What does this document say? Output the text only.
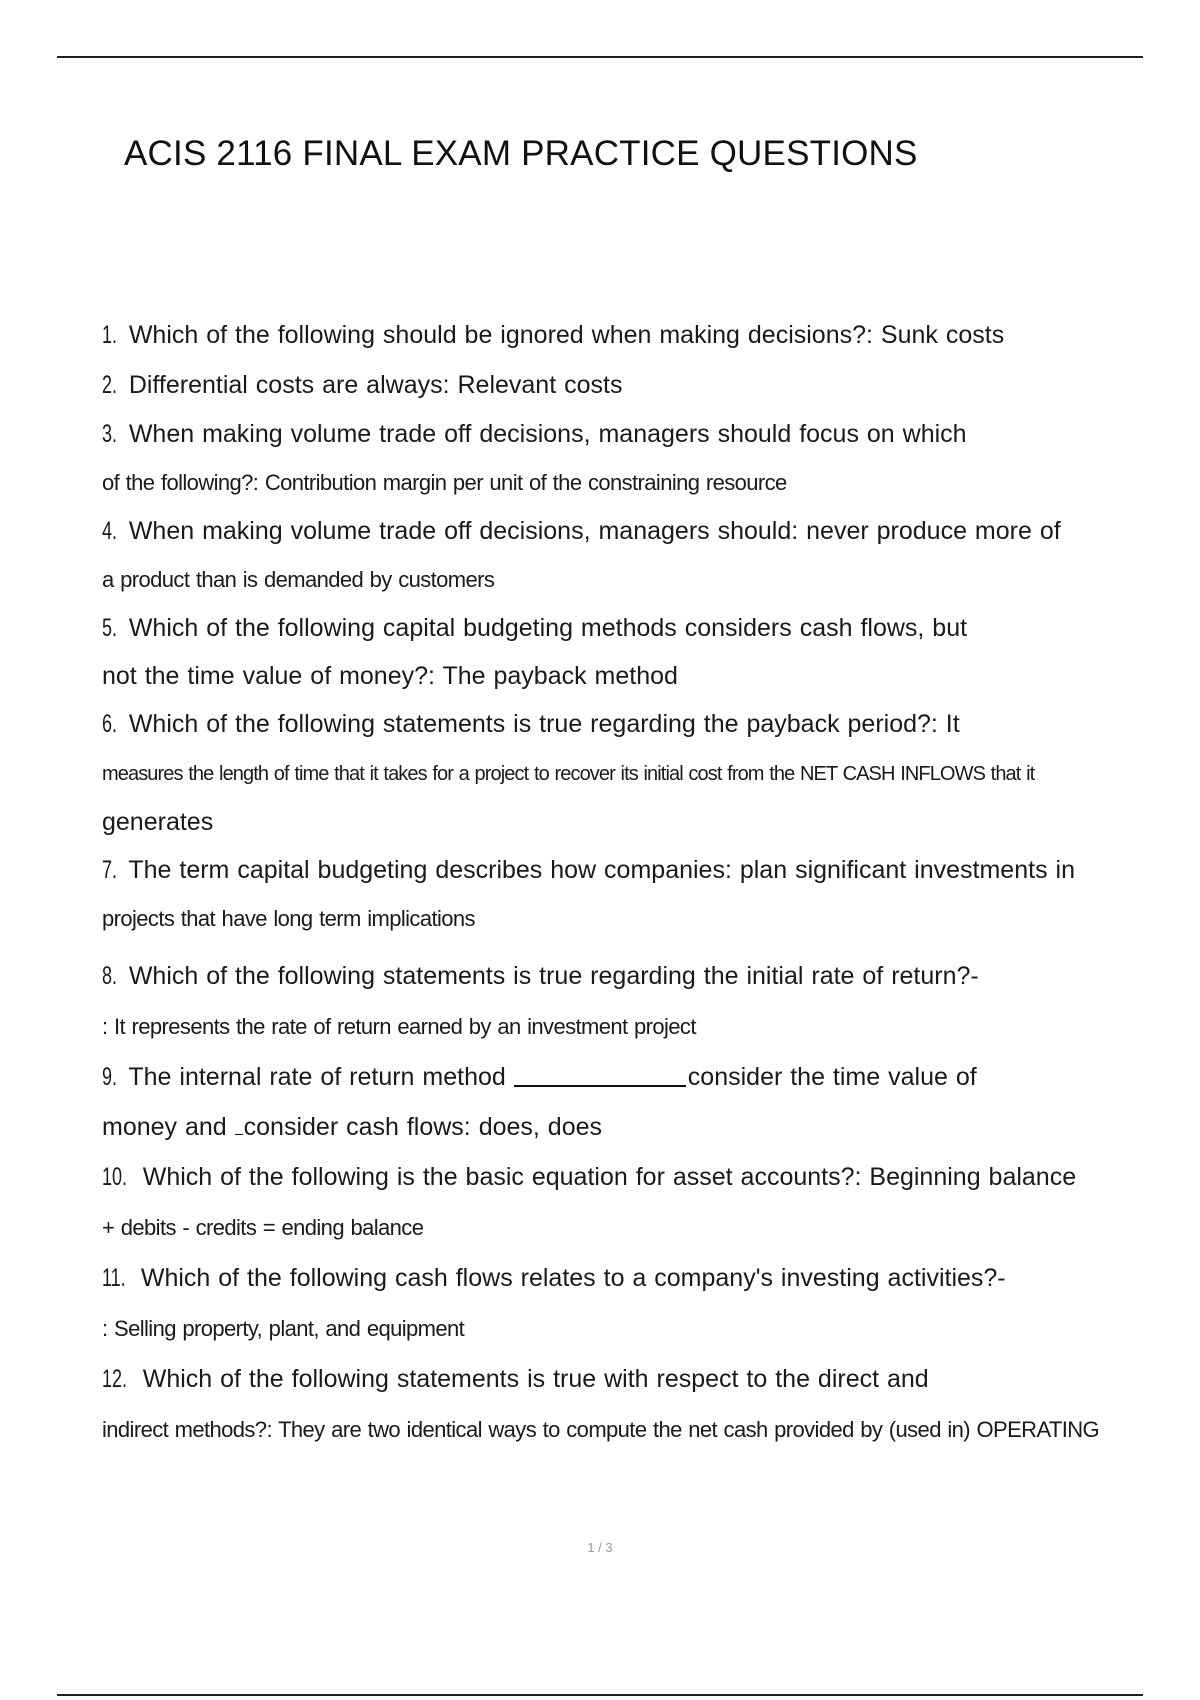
ACIS 2116 FINAL EXAM PRACTICE QUESTIONS
1. Which of the following should be ignored when making decisions?: Sunk costs
2. Differential costs are always: Relevant costs
3. When making volume trade off decisions, managers should focus on which
of the following?: Contribution margin per unit of the constraining resource
4. When making volume trade off decisions, managers should: never produce more of
a product than is demanded by customers
5. Which of the following capital budgeting methods considers cash flows, but
not the time value of money?: The payback method
6. Which of the following statements is true regarding the payback period?: It
measures the length of time that it takes for a project to recover its initial cost from the NET CASH INFLOWS that it
generates
7. The term capital budgeting describes how companies: plan significant investments in
projects that have long term implications
8. Which of the following statements is true regarding the initial rate of return?-
: It represents the rate of return earned by an investment project
9. The internal rate of return method	consider the time value of
money and consider cash flows: does, does
10. Which of the following is the basic equation for asset accounts?: Beginning balance
+ debits - credits = ending balance
11. Which of the following cash flows relates to a company's investing activities?-
: Selling property, plant, and equipment
12. Which of the following statements is true with respect to the direct and
indirect methods?: They are two identical ways to compute the net cash provided by (used in) OPERATING
1 / 3
